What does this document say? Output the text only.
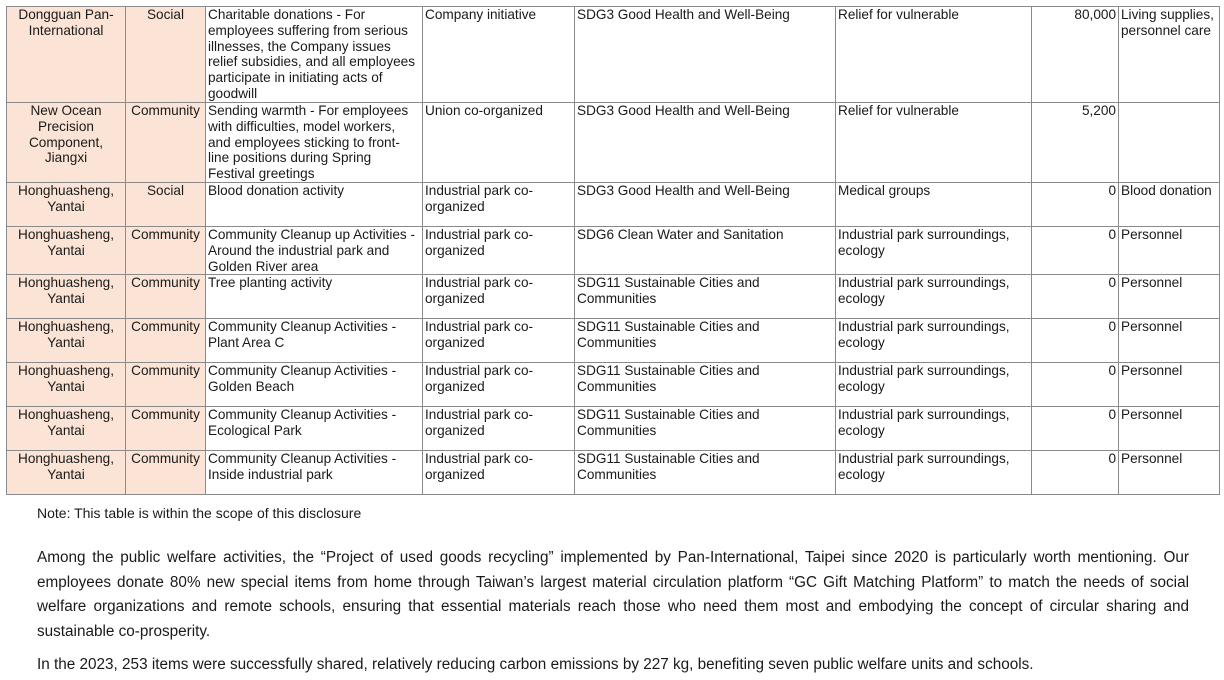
Dongguan Pan-International	Social	Charitable donations - For employees suffering from serious illnesses, the Company issues relief subsidies, and all employees participate in initiating acts of goodwill	Company initiative	SDG3 Good Health and Well-Being	Relief for vulnerable	80,000	Living supplies, personnel care
New Ocean Precision Component, Jiangxi	Community	Sending warmth - For employees with difficulties, model workers, and employees sticking to front-line positions during Spring Festival greetings	Union co-organized	SDG3 Good Health and Well-Being	Relief for vulnerable	5,200	
Honghuasheng, Yantai	Social	Blood donation activity	Industrial park co-organized	SDG3 Good Health and Well-Being	Medical groups	0	Blood donation
Honghuasheng, Yantai	Community	Community Cleanup up Activities - Around the industrial park and Golden River area	Industrial park co-organized	SDG6 Clean Water and Sanitation	Industrial park surroundings, ecology	0	Personnel
Honghuasheng, Yantai	Community	Tree planting activity	Industrial park co-organized	SDG11 Sustainable Cities and Communities	Industrial park surroundings, ecology	0	Personnel
Honghuasheng, Yantai	Community	Community Cleanup Activities - Plant Area C	Industrial park co-organized	SDG11 Sustainable Cities and Communities	Industrial park surroundings, ecology	0	Personnel
Honghuasheng, Yantai	Community	Community Cleanup Activities - Golden Beach	Industrial park co-organized	SDG11 Sustainable Cities and Communities	Industrial park surroundings, ecology	0	Personnel
Honghuasheng, Yantai	Community	Community Cleanup Activities - Ecological Park	Industrial park co-organized	SDG11 Sustainable Cities and Communities	Industrial park surroundings, ecology	0	Personnel
Honghuasheng, Yantai	Community	Community Cleanup Activities - Inside industrial park	Industrial park co-organized	SDG11 Sustainable Cities and Communities	Industrial park surroundings, ecology	0	Personnel

Note: This table is within the scope of this disclosure

Among the public welfare activities, the “Project of used goods recycling” implemented by Pan-International, Taipei since 2020 is particularly worth mentioning. Our employees donate 80% new special items from home through Taiwan’s largest material circulation platform “GC Gift Matching Platform” to match the needs of social welfare organizations and remote schools, ensuring that essential materials reach those who need them most and embodying the concept of circular sharing and sustainable co-prosperity.

In the 2023, 253 items were successfully shared, relatively reducing carbon emissions by 227 kg, benefiting seven public welfare units and schools.
